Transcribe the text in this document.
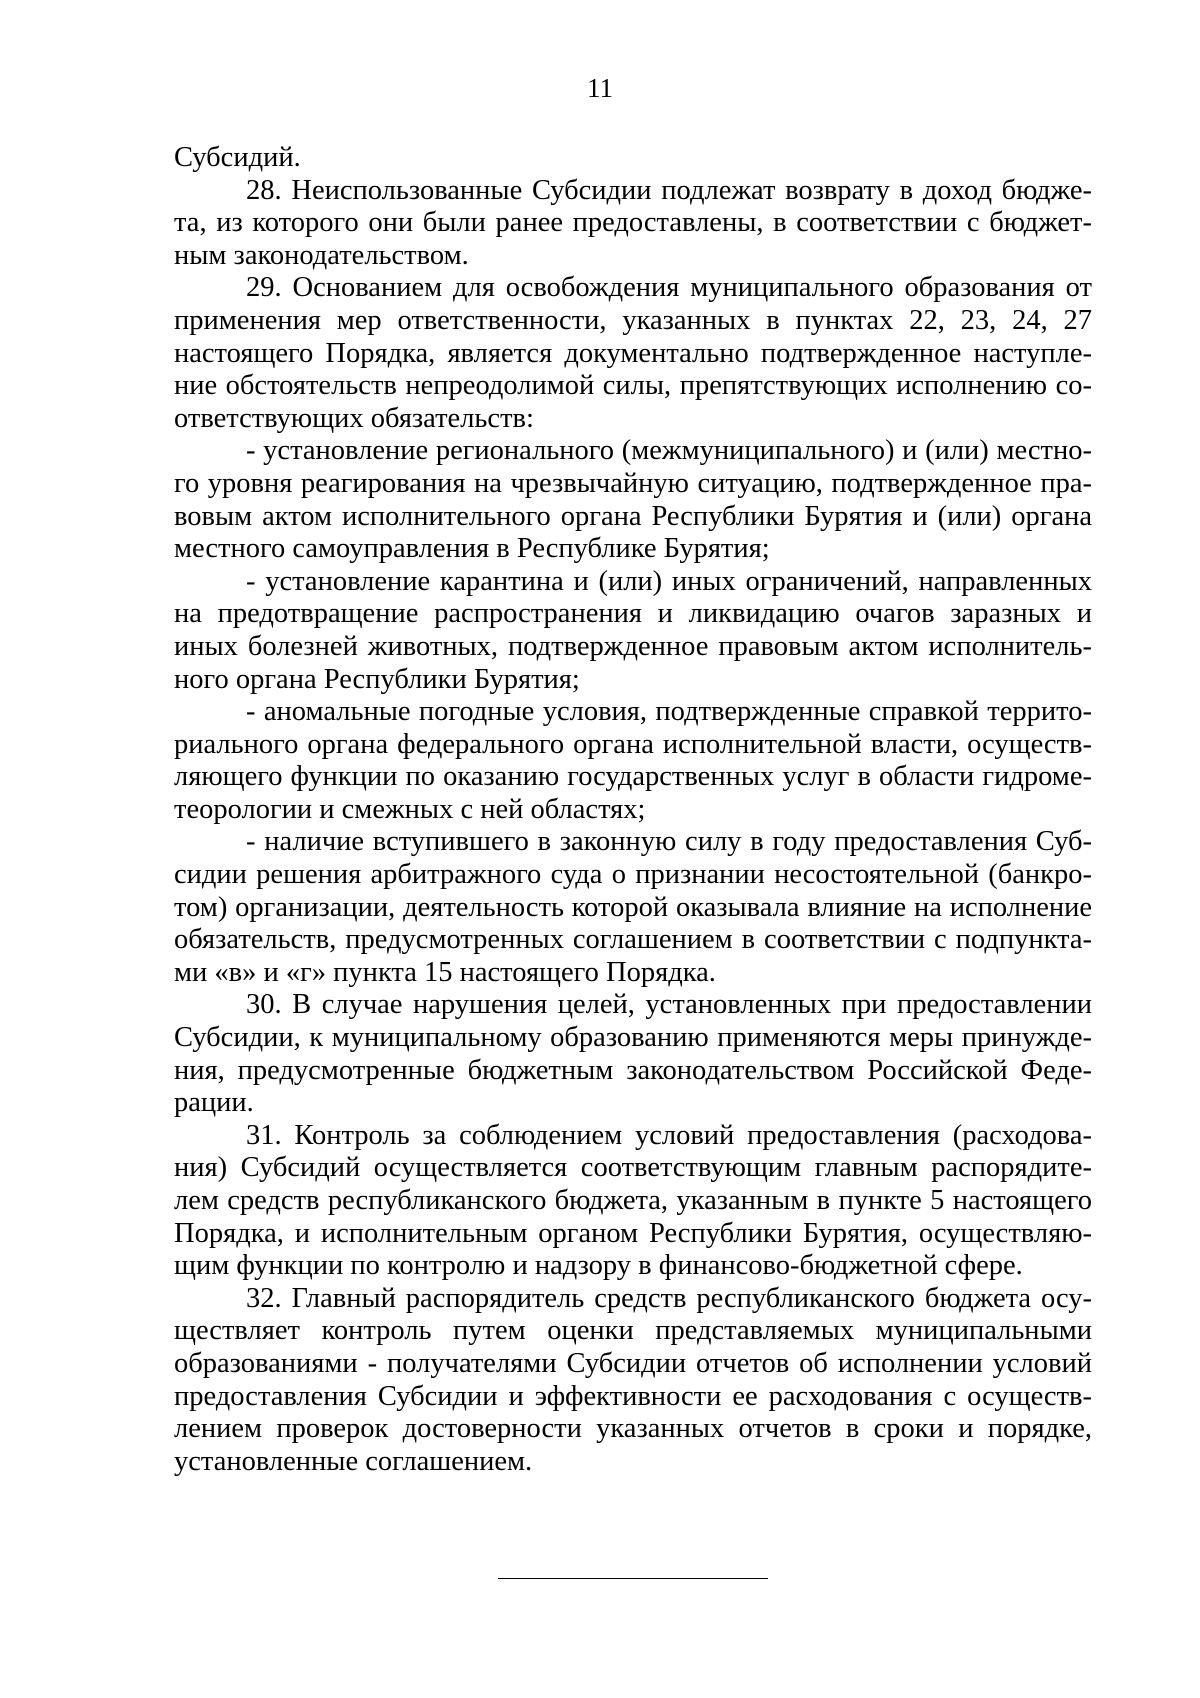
11

Субсидий.

28. Неиспользованные Субсидии подлежат возврату в доход бюджета, из которого они были ранее предоставлены, в соответствии с бюджетным законодательством.

29. Основанием для освобождения муниципального образования от применения мер ответственности, указанных в пунктах 22, 23, 24, 27 настоящего Порядка, является документально подтвержденное наступление обстоятельств непреодолимой силы, препятствующих исполнению соответствующих обязательств:

- установление регионального (межмуниципального) и (или) местного уровня реагирования на чрезвычайную ситуацию, подтвержденное правовым актом исполнительного органа Республики Бурятия и (или) органа местного самоуправления в Республике Бурятия;

- установление карантина и (или) иных ограничений, направленных на предотвращение распространения и ликвидацию очагов заразных и иных болезней животных, подтвержденное правовым актом исполнительного органа Республики Бурятия;

- аномальные погодные условия, подтвержденные справкой территориального органа федерального органа исполнительной власти, осуществляющего функции по оказанию государственных услуг в области гидрометеорологии и смежных с ней областях;

- наличие вступившего в законную силу в году предоставления Субсидии решения арбитражного суда о признании несостоятельной (банкротом) организации, деятельность которой оказывала влияние на исполнение обязательств, предусмотренных соглашением в соответствии с подпунктами «в» и «г» пункта 15 настоящего Порядка.

30. В случае нарушения целей, установленных при предоставлении Субсидии, к муниципальному образованию применяются меры принуждения, предусмотренные бюджетным законодательством Российской Федерации.

31. Контроль за соблюдением условий предоставления (расходования) Субсидий осуществляется соответствующим главным распорядителем средств республиканского бюджета, указанным в пункте 5 настоящего Порядка, и исполнительным органом Республики Бурятия, осуществляющим функции по контролю и надзору в финансово-бюджетной сфере.

32. Главный распорядитель средств республиканского бюджета осуществляет контроль путем оценки представляемых муниципальными образованиями - получателями Субсидии отчетов об исполнении условий предоставления Субсидии и эффективности ее расходования с осуществлением проверок достоверности указанных отчетов в сроки и порядке, установленные соглашением.
